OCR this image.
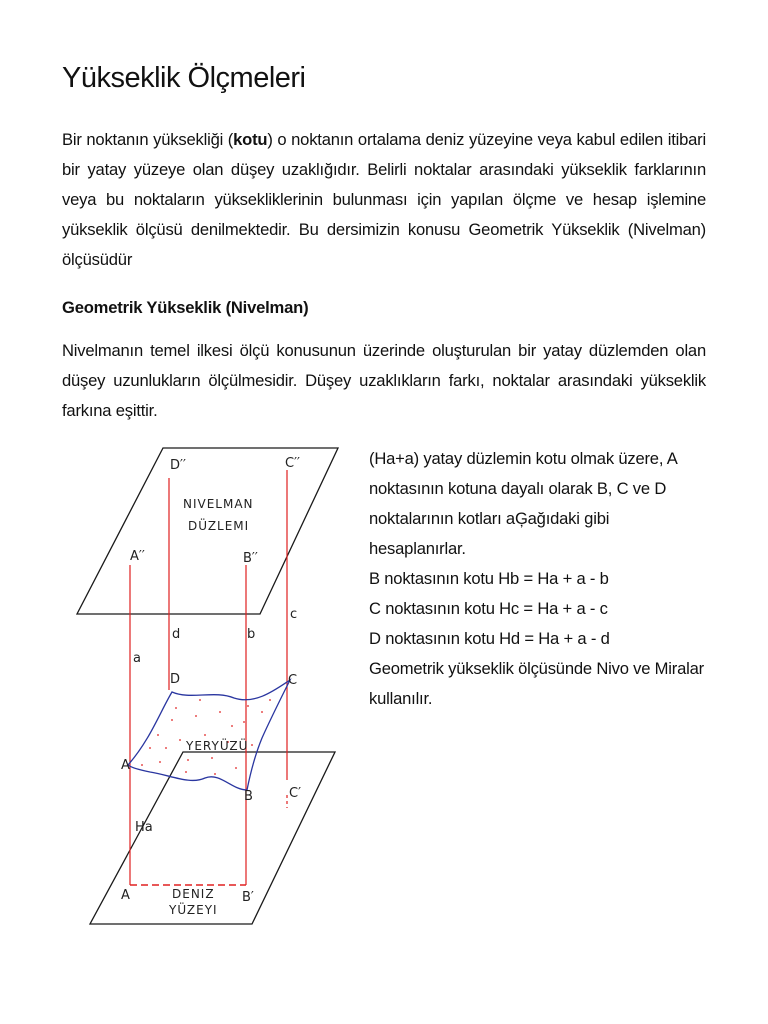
Yükseklik Ölçmeleri

Bir noktanın yüksekliği (kotu) o noktanın ortalama deniz yüzeyine veya kabul edilen itibari bir yatay yüzeye olan düşey uzaklığıdır. Belirli noktalar arasındaki yükseklik farklarının veya bu noktaların yüksekliklerinin bulunması için yapılan ölçme ve hesap işlemine yükseklik ölçüsü denilmektedir. Bu dersimizin konusu Geometrik Yükseklik (Nivelman) ölçüsüdür

Geometrik Yükseklik (Nivelman)

Nivelmanın temel ilkesi ölçü konusunun üzerinde oluşturulan bir yatay düzlemden olan düşey uzunlukların ölçülmesidir. Düşey uzaklıkların farkı, noktalar arasındaki yükseklik farkına eşittir.

(Ha+a) yatay düzlemin kotu olmak üzere, A
noktasının kotuna dayalı olarak B, C ve D
noktalarının kotları aĢağıdaki gibi
hesaplanırlar.
B noktasının kotu Hb = Ha + a - b
C noktasının kotu Hc = Ha + a - c
D noktasının kotu Hd = Ha + a - d
Geometrik yükseklik ölçüsünde Nivo ve Miralar
kullanılır.
D′′	C′′
A′′	B′′
NIVELMAN
DÜZLEMI
d	b
c
a
D	C
A
B	C′
YERYÜZÜ
Ha
A	B′
DENIZ
YÜZEYI
